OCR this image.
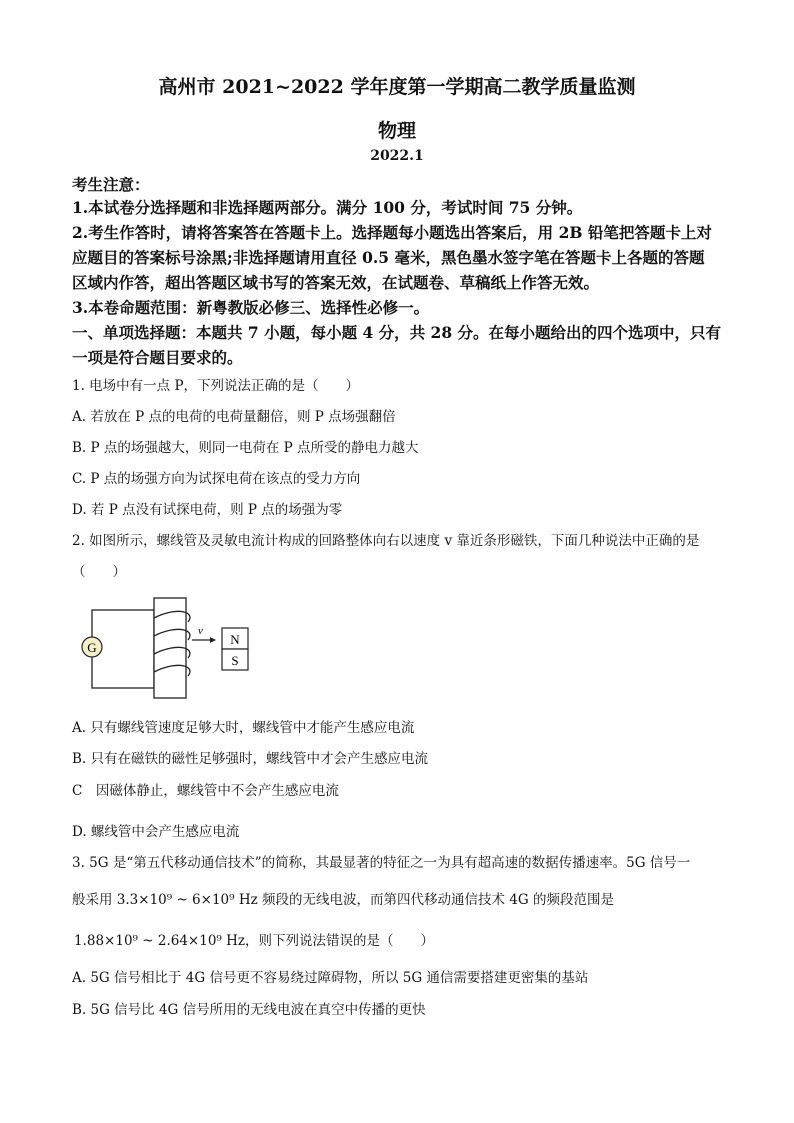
高州市 2021~2022 学年度第一学期高二教学质量监测
物理
2022.1
考生注意：
1.本试卷分选择题和非选择题两部分。满分 100 分，考试时间 75 分钟。
2.考生作答时，请将答案答在答题卡上。选择题每小题选出答案后，用 2B 铅笔把答题卡上对
应题目的答案标号涂黑;非选择题请用直径 0.5 毫米，黑色墨水签字笔在答题卡上各题的答题
区域内作答，超出答题区域书写的答案无效，在试题卷、草稿纸上作答无效。
3.本卷命题范围：新粤教版必修三、选择性必修一。
一、单项选择题：本题共 7 小题，每小题 4 分，共 28 分。在每小题给出的四个选项中，只有
一项是符合题目要求的。
1. 电场中有一点 P，下列说法正确的是（　　）
A. 若放在 P 点的电荷的电荷量翻倍，则 P 点场强翻倍
B. P 点的场强越大，则同一电荷在 P 点所受的静电力越大
C. P 点的场强方向为试探电荷在该点的受力方向
D. 若 P 点没有试探电荷，则 P 点的场强为零
2. 如图所示，螺线管及灵敏电流计构成的回路整体向右以速度 v 靠近条形磁铁，下面几种说法中正确的是
（　　）
G
v
N
S
A. 只有螺线管速度足够大时，螺线管中才能产生感应电流
B. 只有在磁铁的磁性足够强时，螺线管中才会产生感应电流
C　因磁体静止，螺线管中不会产生感应电流
D. 螺线管中会产生感应电流
3. 5G 是“第五代移动通信技术”的简称，其最显著的特征之一为具有超高速的数据传播速率。5G 信号一
般采用 3.3×10⁹ ~ 6×10⁹ Hz 频段的无线电波，而第四代移动通信技术 4G 的频段范围是
1.88×10⁹ ~ 2.64×10⁹ Hz，则下列说法错误的是（　　）
A. 5G 信号相比于 4G 信号更不容易绕过障碍物，所以 5G 通信需要搭建更密集的基站
B. 5G 信号比 4G 信号所用的无线电波在真空中传播的更快
